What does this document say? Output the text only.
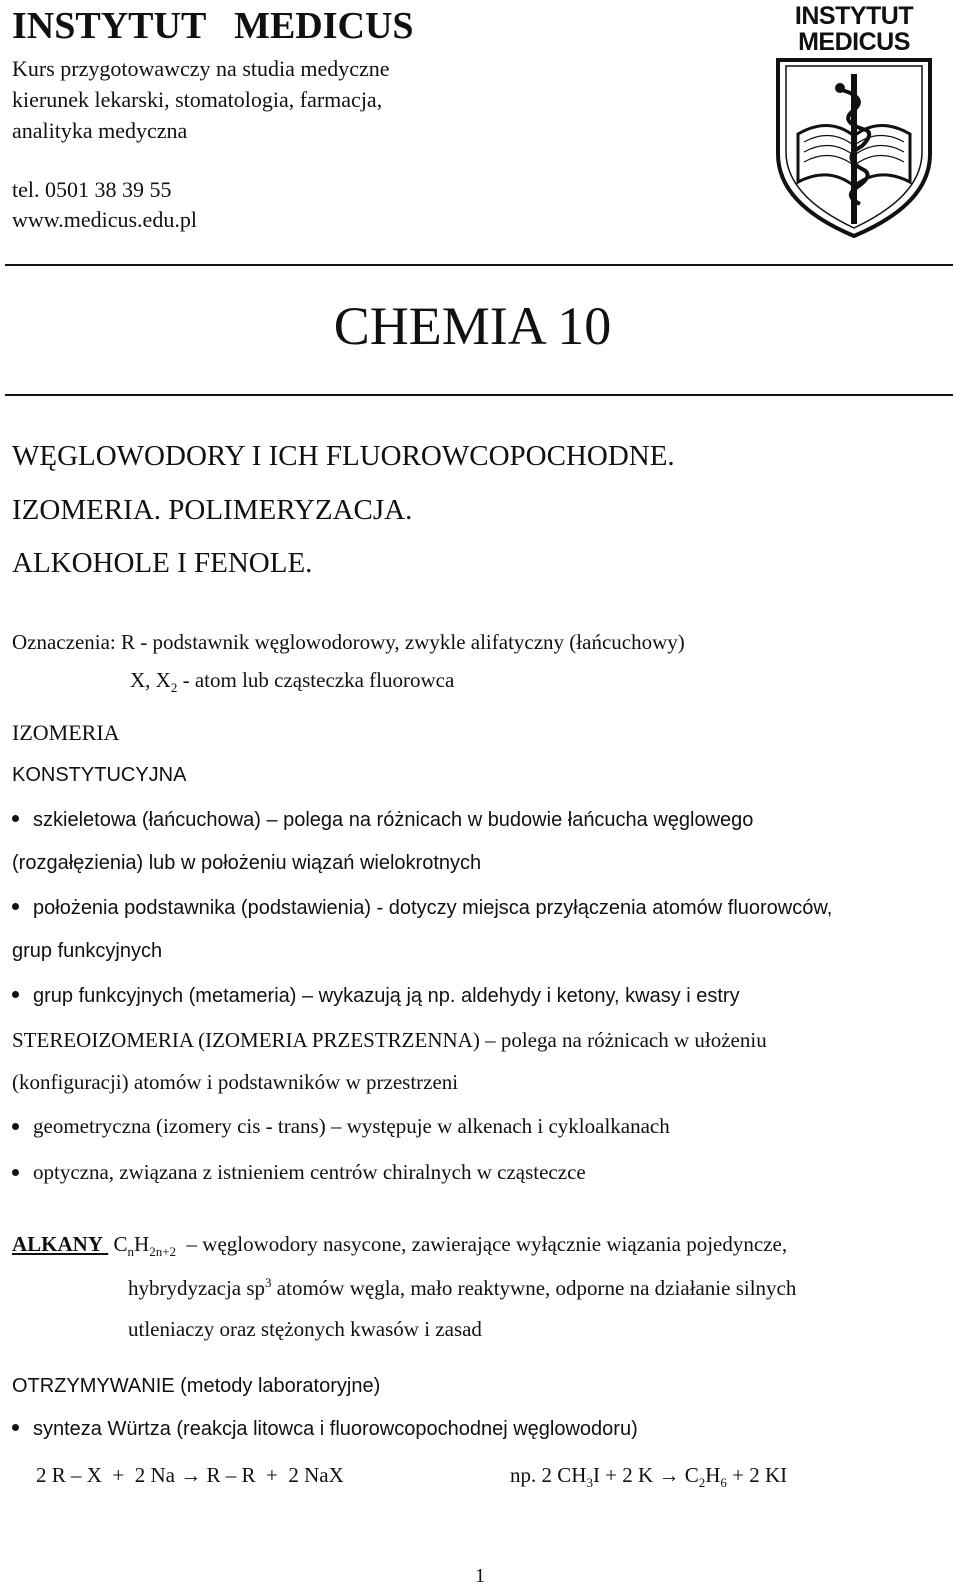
INSTYTUT   MEDICUS
Kurs przygotowawczy na studia medyczne
kierunek lekarski, stomatologia, farmacja,
analityka medyczna
tel. 0501 38 39 55
www.medicus.edu.pl
INSTYTUT
MEDICUS
CHEMIA 10
WĘGLOWODORY I ICH FLUOROWCOPOCHODNE.
IZOMERIA. POLIMERYZACJA.
ALKOHOLE I FENOLE.
Oznaczenia: R - podstawnik węglowodorowy, zwykle alifatyczny (łańcuchowy)
X, $X_2$ - atom lub cząsteczka fluorowca
IZOMERIA
KONSTYTUCYJNA
szkieletowa (łańcuchowa) – polega na różnicach w budowie łańcucha węglowego
(rozgałęzienia) lub w położeniu wiązań wielokrotnych
położenia podstawnika (podstawienia) - dotyczy miejsca przyłączenia atomów fluorowców,
grup funkcyjnych
grup funkcyjnych (metameria) – wykazują ją np. aldehydy i ketony, kwasy i estry
STEREOIZOMERIA (IZOMERIA PRZESTRZENNA) – polega na różnicach w ułożeniu
(konfiguracji) atomów i podstawników w przestrzeni
geometryczna (izomery cis - trans) – występuje w alkenach i cykloalkanach
optyczna, związana z istnieniem centrów chiralnych w cząsteczce
ALKANY $C_nH_{2n+2}$ – węglowodory nasycone, zawierające wyłącznie wiązania pojedyncze,
hybrydyzacja $sp^3$ atomów węgla, mało reaktywne, odporne na działanie silnych
utleniaczy oraz stężonych kwasów i zasad
OTRZYMYWANIE (metody laboratoryjne)
synteza Würtza (reakcja litowca i fluorowcopochodnej węglowodoru)
2 R – X  +  2 Na → R – R  +  2 NaX	np. 2 $CH_3I + 2$ $K \to C_2H_6 + 2$ KI
1
